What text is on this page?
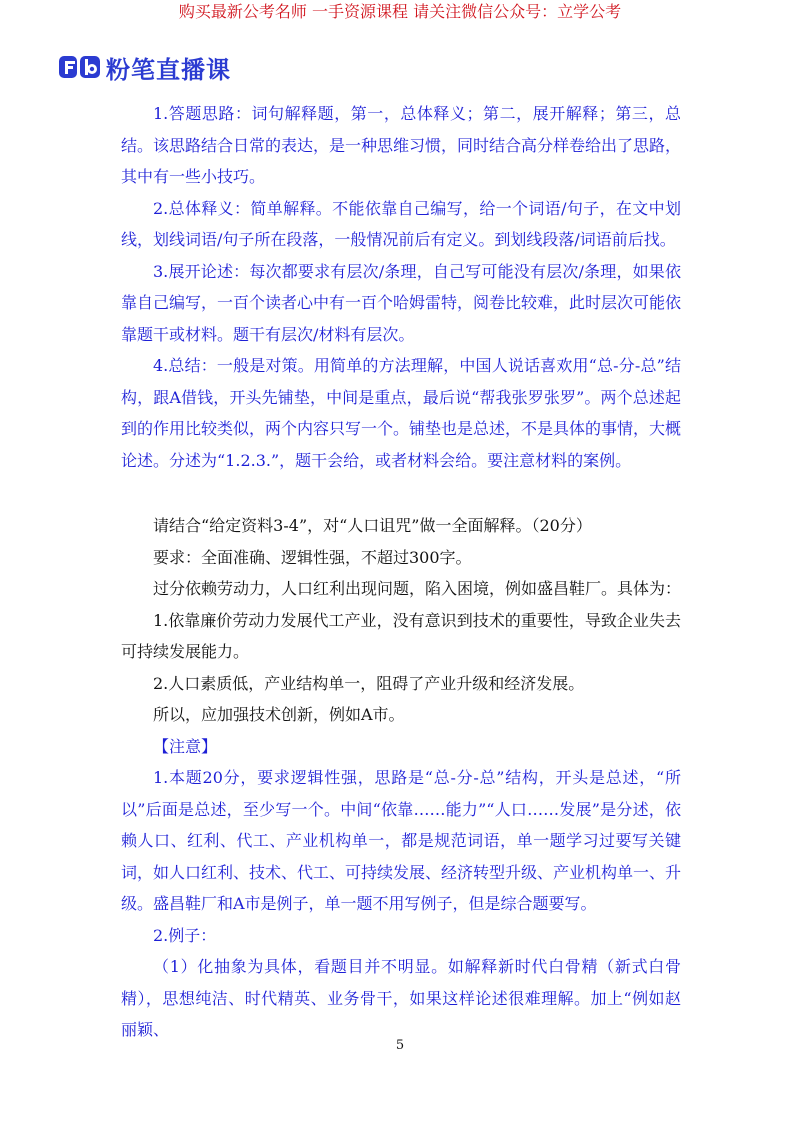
购买最新公考名师 一手资源课程 请关注微信公众号：立学公考
粉笔直播课

1.答题思路：词句解释题，第一，总体释义；第二，展开解释；第三，总结。该思路结合日常的表达，是一种思维习惯，同时结合高分样卷给出了思路，其中有一些小技巧。

2.总体释义：简单解释。不能依靠自己编写，给一个词语/句子，在文中划线，划线词语/句子所在段落，一般情况前后有定义。到划线段落/词语前后找。

3.展开论述：每次都要求有层次/条理，自己写可能没有层次/条理，如果依靠自己编写，一百个读者心中有一百个哈姆雷特，阅卷比较难，此时层次可能依靠题干或材料。题干有层次/材料有层次。

4.总结：一般是对策。用简单的方法理解，中国人说话喜欢用“总-分-总”结构，跟A借钱，开头先铺垫，中间是重点，最后说“帮我张罗张罗”。两个总述起到的作用比较类似，两个内容只写一个。铺垫也是总述，不是具体的事情，大概论述。分述为“1.2.3.”，题干会给，或者材料会给。要注意材料的案例。

请结合“给定资料3-4”，对“人口诅咒”做一全面解释。（20分）

要求：全面准确、逻辑性强，不超过300字。

过分依赖劳动力，人口红利出现问题，陷入困境，例如盛昌鞋厂。具体为：

1.依靠廉价劳动力发展代工产业，没有意识到技术的重要性，导致企业失去可持续发展能力。

2.人口素质低，产业结构单一，阻碍了产业升级和经济发展。

所以，应加强技术创新，例如A市。

【注意】

1.本题20分，要求逻辑性强，思路是“总-分-总”结构，开头是总述，“所以”后面是总述，至少写一个。中间“依靠……能力”“人口……发展”是分述，依赖人口、红利、代工、产业机构单一，都是规范词语，单一题学习过要写关键词，如人口红利、技术、代工、可持续发展、经济转型升级、产业机构单一、升级。盛昌鞋厂和A市是例子，单一题不用写例子，但是综合题要写。

2.例子：

（1）化抽象为具体，看题目并不明显。如解释新时代白骨精（新式白骨精），思想纯洁、时代精英、业务骨干，如果这样论述很难理解。加上“例如赵丽颖、

5
